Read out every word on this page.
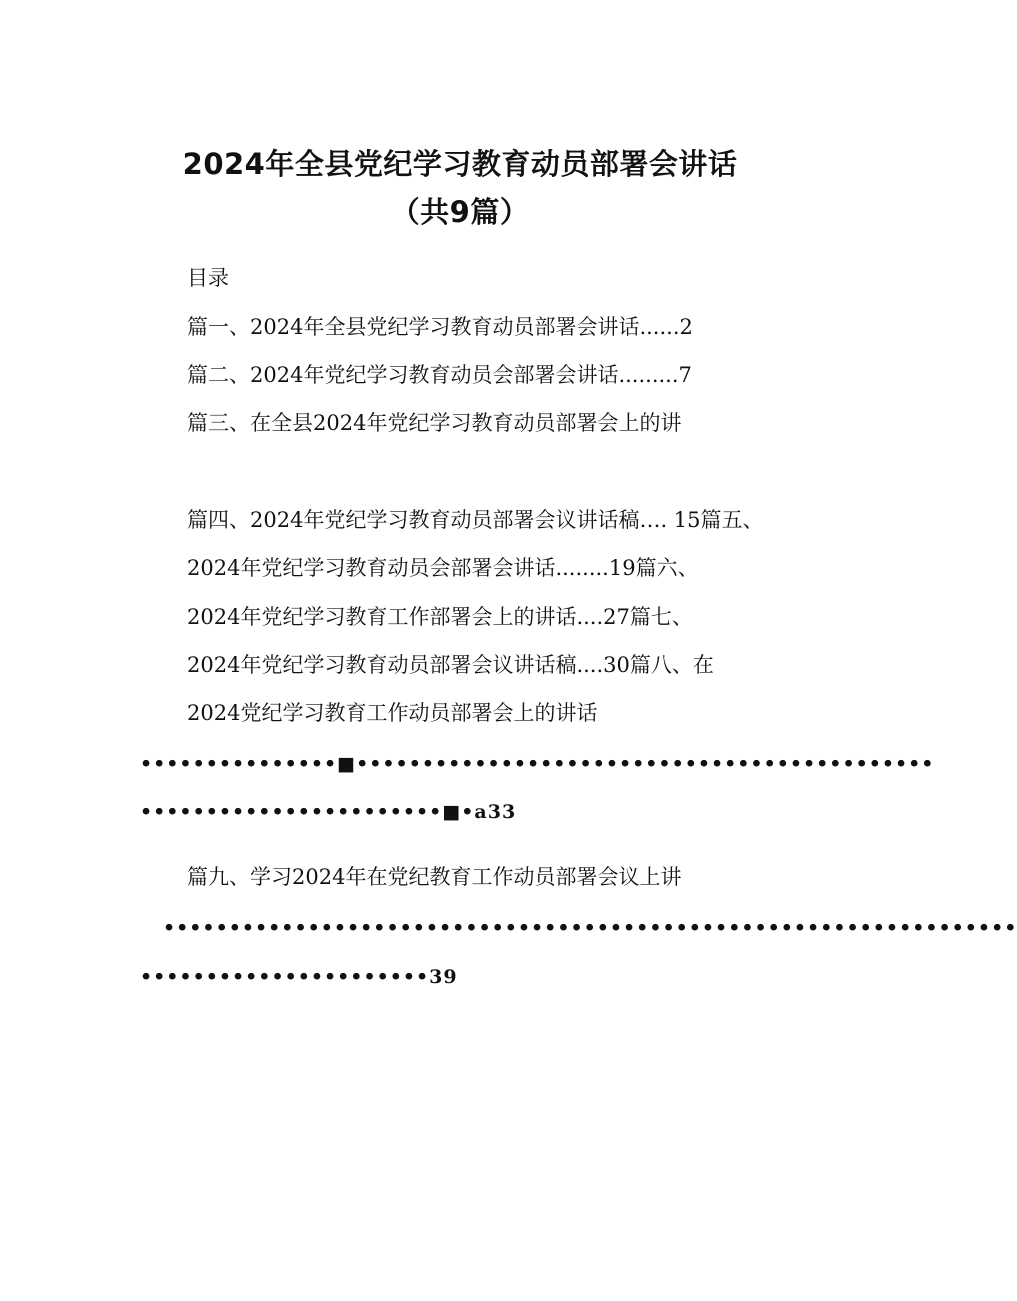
2024年全县党纪学习教育动员部署会讲话
（共9篇）
目录
篇一、2024年全县党纪学习教育动员部署会讲话......2
篇二、2024年党纪学习教育动员会部署会讲话.........7
篇三、在全县2024年党纪学习教育动员部署会上的讲
篇四、2024年党纪学习教育动员部署会议讲话稿…. 15篇五、
2024年党纪学习教育动员会部署会讲话........19篇六、
2024年党纪学习教育工作部署会上的讲话....27篇七、
2024年党纪学习教育动员部署会议讲话稿....30篇八、在
2024党纪学习教育工作动员部署会上的讲话
•••••••••••••••■••••••••••••••••••••••••••••••••••••••••••••
•••••••••••••••••••••••■•a33
篇九、学习2024年在党纪教育工作动员部署会议上讲
•••••••••••••••••••••••••••••••••••••••••••••••••••••••••••••••••
••••••••••••••••••••••39
